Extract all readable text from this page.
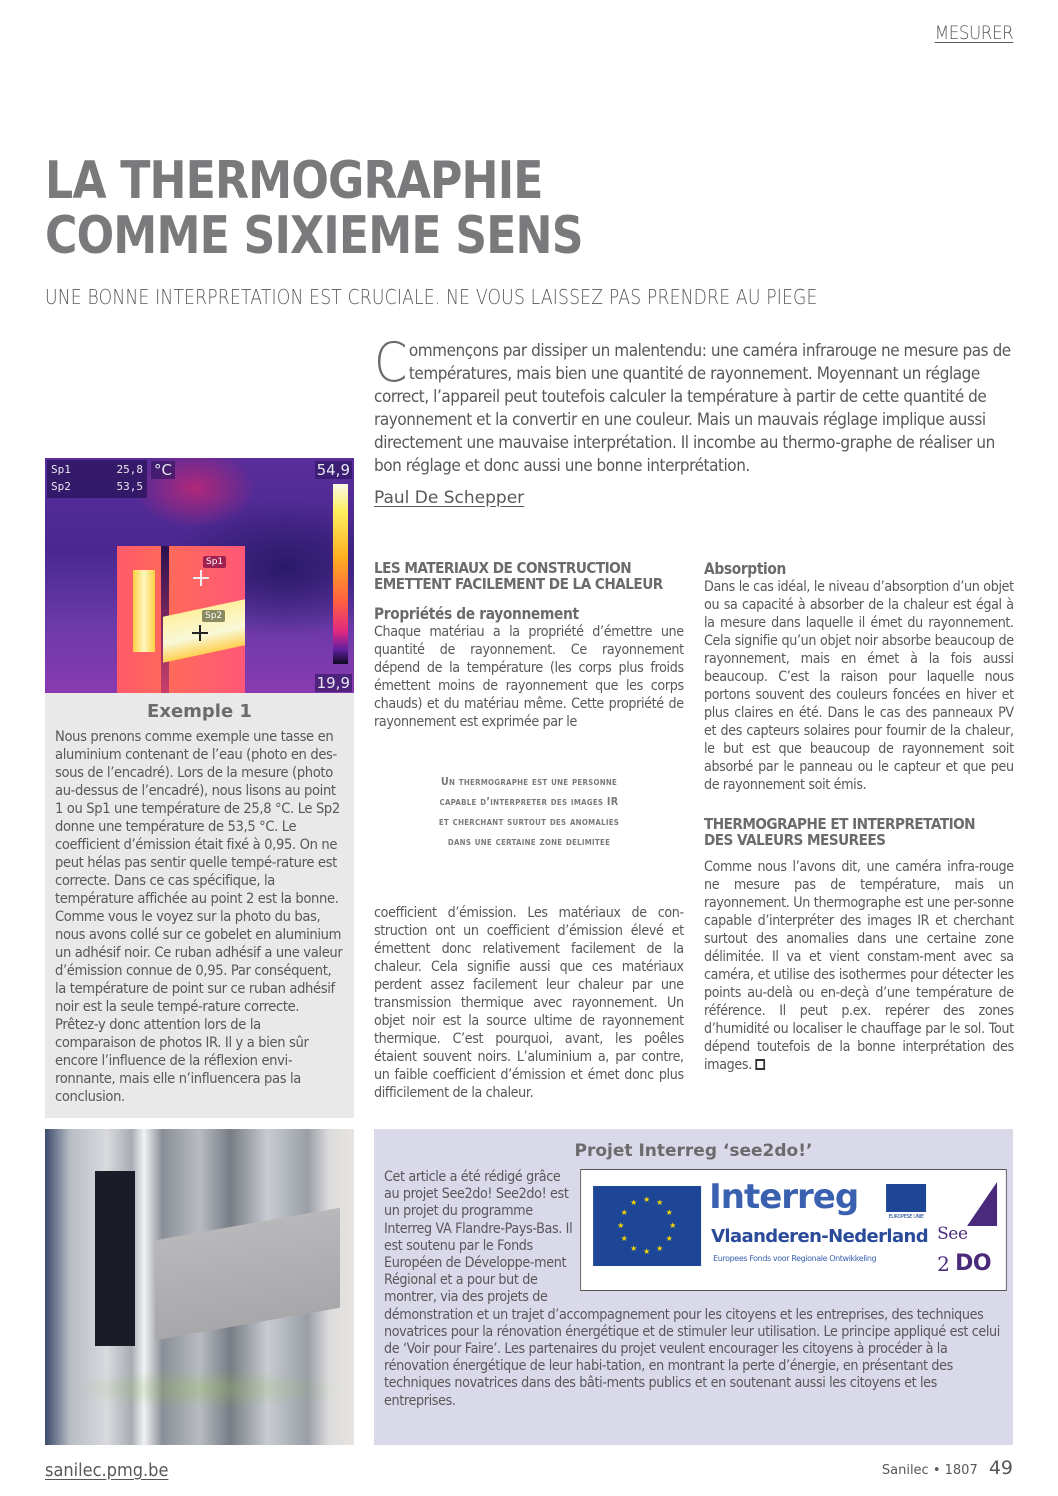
MESURER
LA THERMOGRAPHIE
COMME SIXIEME SENS
UNE BONNE INTERPRETATION EST CRUCIALE. NE VOUS LAISSEZ PAS PRENDRE AU PIEGE
Commençons par dissiper un malentendu: une caméra infrarouge ne mesure pas de températures, mais bien une quantité de rayonnement. Moyennant un réglage correct, l’appareil peut toutefois calculer la température à partir de cette quantité de rayonnement et la convertir en une couleur. Mais un mauvais réglage implique aussi directement une mauvaise interprétation. Il incombe au thermo-graphe de réaliser un bon réglage et donc aussi une bonne interprétation.
Paul De Schepper
Sp1	25,8
Sp2	53,5
°C	54,9
19,9
Sp1
Sp2
Exemple 1
Nous prenons comme exemple une tasse en aluminium contenant de l’eau (photo en des-sous de l’encadré). Lors de la mesure (photo au-dessus de l’encadré), nous lisons au point 1 ou Sp1 une température de 25,8 °C. Le Sp2 donne une température de 53,5 °C. Le coefficient d’émission était fixé à 0,95. On ne peut hélas pas sentir quelle tempé-rature est correcte. Dans ce cas spécifique, la température affichée au point 2 est la bonne. Comme vous le voyez sur la photo du bas, nous avons collé sur ce gobelet en aluminium un adhésif noir. Ce ruban adhésif a une valeur d’émission connue de 0,95. Par conséquent, la température de point sur ce ruban adhésif noir est la seule tempé-rature correcte. Prêtez-y donc attention lors de la comparaison de photos IR. Il y a bien sûr encore l’influence de la réflexion envi-ronnante, mais elle n’influencera pas la conclusion.
LES MATERIAUX DE CONSTRUCTION EMETTENT FACILEMENT DE LA CHALEUR
Propriétés de rayonnement

Chaque matériau a la propriété d’émettre une quantité de rayonnement. Ce rayonnement dépend de la température (les corps plus froids émettent moins de rayonnement que les corps chauds) et du matériau même. Cette propriété de rayonnement est exprimée par le

Un thermographe est une personne
capable d’interpreter des images IR
et cherchant surtout des anomalies
dans une certaine zone delimitee

coefficient d’émission. Les matériaux de con-struction ont un coefficient d’émission élevé et émettent donc relativement facilement de la chaleur. Cela signifie aussi que ces matériaux perdent assez facilement leur chaleur par une transmission thermique avec rayonnement. Un objet noir est la source ultime de rayonnement thermique. C’est pourquoi, avant, les poêles étaient souvent noirs. L’aluminium a, par contre, un faible coefficient d’émission et émet donc plus difficilement de la chaleur.

Absorption

Dans le cas idéal, le niveau d’absorption d’un objet ou sa capacité à absorber de la chaleur est égal à la mesure dans laquelle il émet du rayonnement. Cela signifie qu’un objet noir absorbe beaucoup de rayonnement, mais en émet à la fois aussi beaucoup. C’est la raison pour laquelle nous portons souvent des couleurs foncées en hiver et plus claires en été. Dans le cas des panneaux PV et des capteurs solaires pour fournir de la chaleur, le but est que beaucoup de rayonnement soit absorbé par le panneau ou le capteur et que peu de rayonnement soit émis.

THERMOGRAPHE ET INTERPRETATION DES VALEURS MESUREES

Comme nous l’avons dit, une caméra infra-rouge ne mesure pas de température, mais un rayonnement. Un thermographe est une per-sonne capable d’interpréter des images IR et cherchant surtout des anomalies dans une certaine zone délimitée. Il va et vient constam-ment avec sa caméra, et utilise des isothermes pour détecter les points au-delà ou en-deçà d’une température de référence. Il peut p.ex. repérer des zones d’humidité ou localiser le chauffage par le sol. Tout dépend toutefois de la bonne interprétation des images.

Projet Interreg ‘see2do!’
★ ★
★
★
★
★
★
★
★
★
★
★ Interreg	EUROPESE UNIE
Vlaanderen-Nederland
Europees Fonds voor Regionale Ontwikkeling
See
2 DO
Cet article a été rédigé grâce au projet See2do! See2do! est un projet du programme Interreg VA Flandre-Pays-Bas. Il est soutenu par le Fonds Européen de Développe-ment Régional et a pour but de montrer, via des projets de démonstration et un trajet d’accompagnement pour les citoyens et les entreprises, des techniques novatrices pour la rénovation énergétique et de stimuler leur utilisation. Le principe appliqué est celui de ‘Voir pour Faire’. Les partenaires du projet veulent encourager les citoyens à procéder à la rénovation énergétique de leur habi-tation, en montrant la perte d’énergie, en présentant des techniques novatrices dans des bâti-ments publics et en soutenant aussi les citoyens et les entreprises.
sanilec.pmg.be	Sanilec • 1807 49
